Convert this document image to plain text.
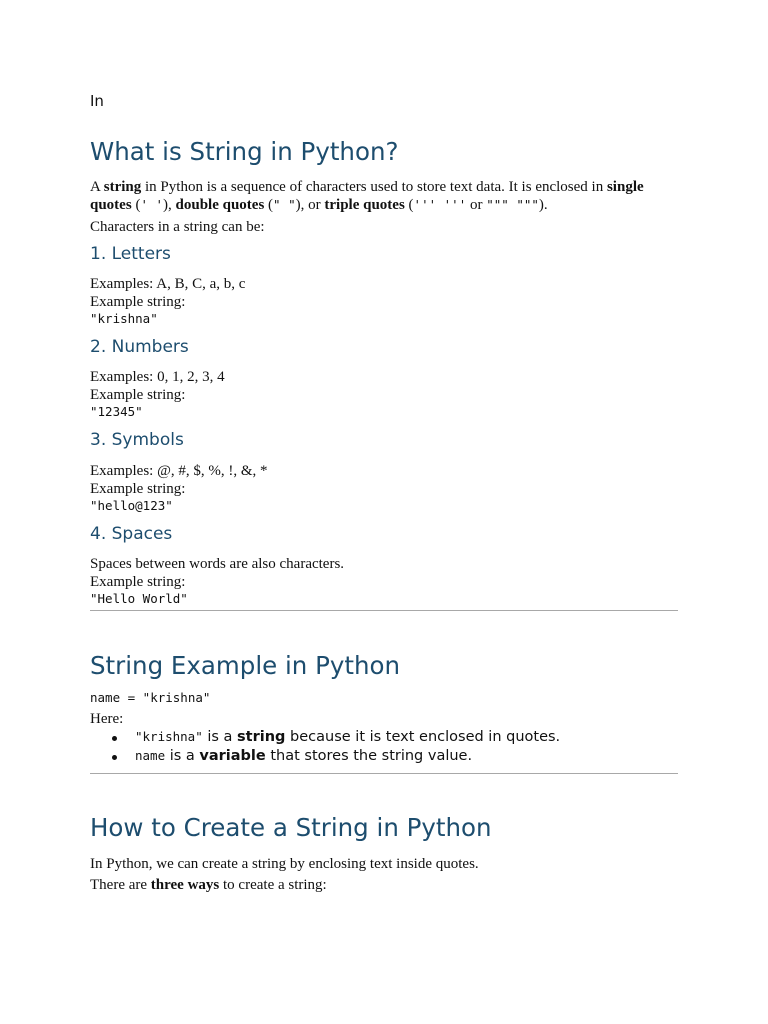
In
What is String in Python?
A string in Python is a sequence of characters used to store text data. It is enclosed in single
quotes (' '), double quotes (" "), or triple quotes (''' ''' or """ """).
Characters in a string can be:
1. Letters
Examples: A, B, C, a, b, c
Example string:
"krishna"
2. Numbers
Examples: 0, 1, 2, 3, 4
Example string:
"12345"
3. Symbols
Examples: @, #, $, %, !, &, *
Example string:
"hello@123"
4. Spaces
Spaces between words are also characters.
Example string:
"Hello World"
String Example in Python
name = "krishna"
Here:
"krishna" is a string because it is text enclosed in quotes.
name is a variable that stores the string value.
How to Create a String in Python
In Python, we can create a string by enclosing text inside quotes.
There are three ways to create a string:
